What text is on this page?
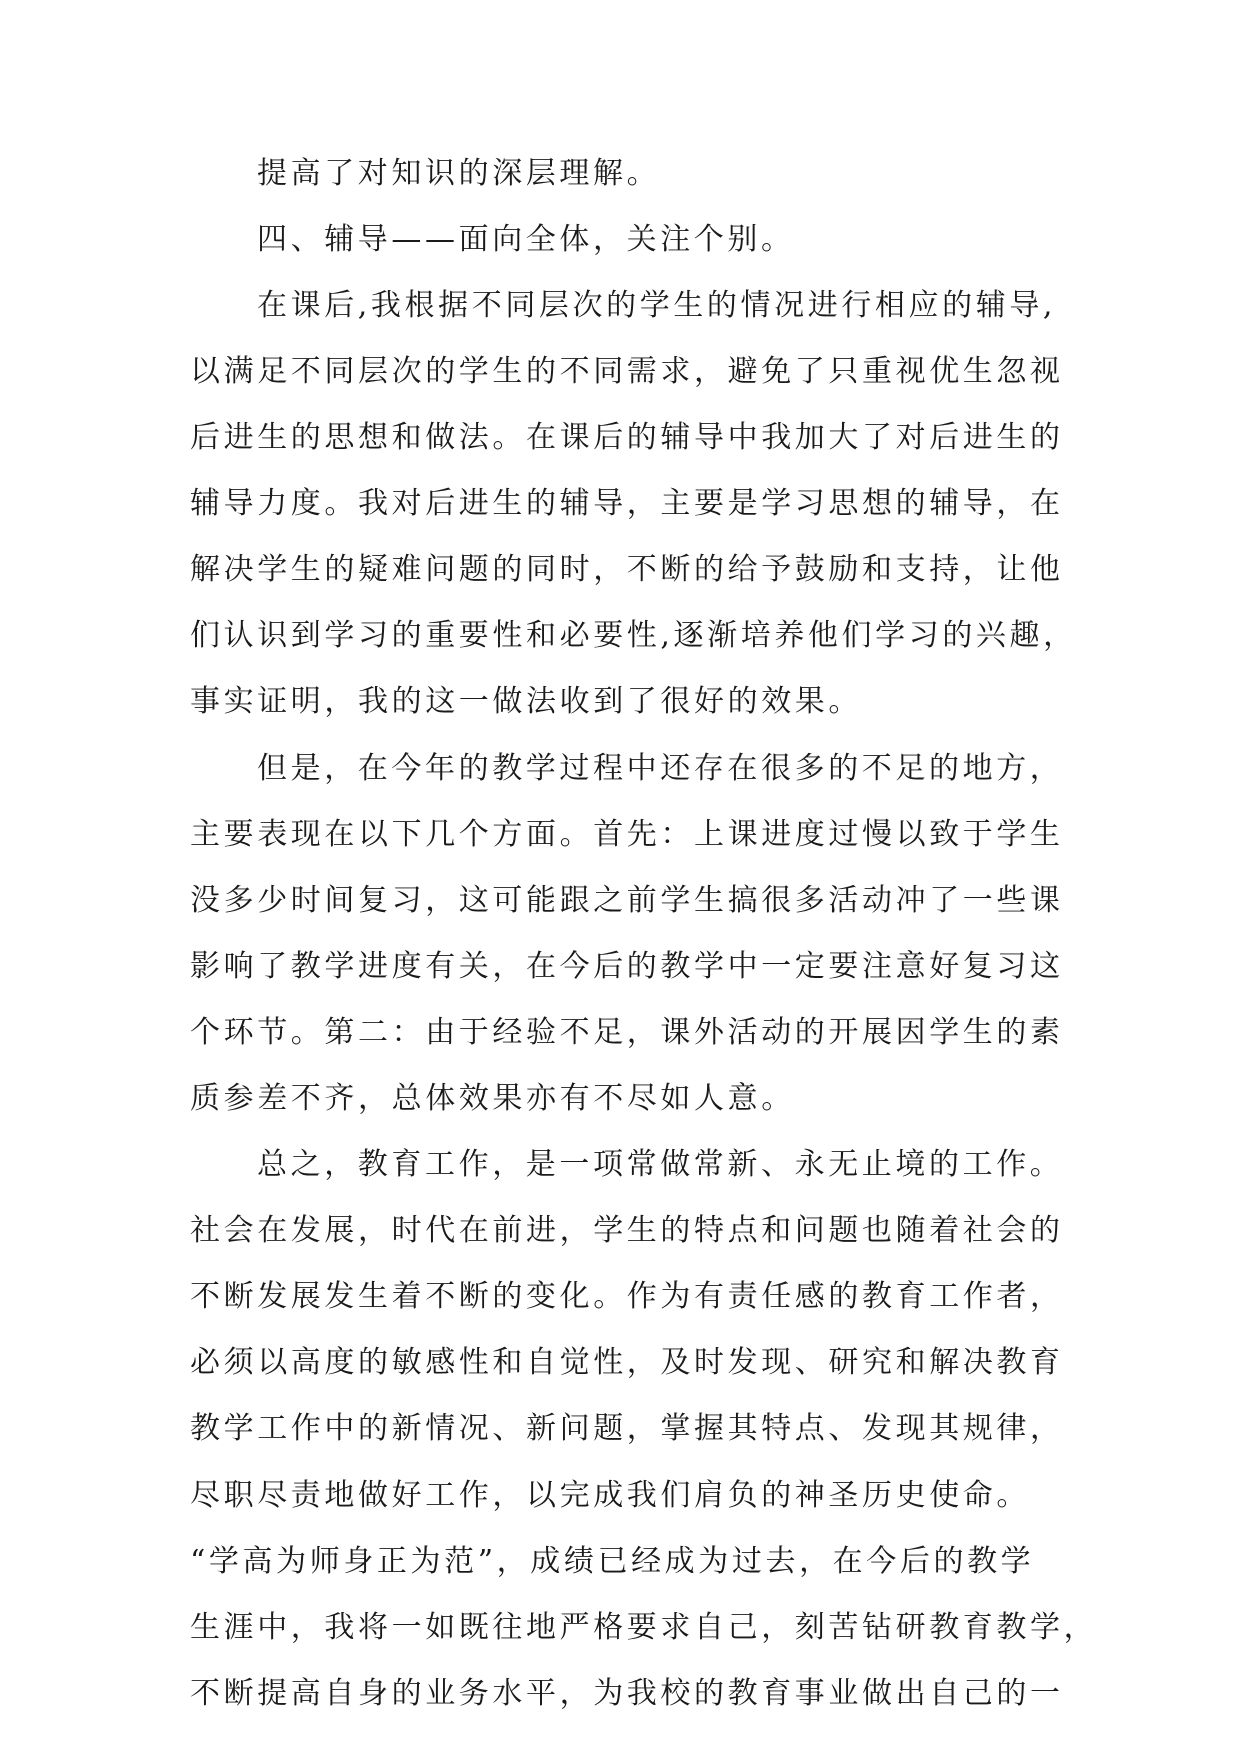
提高了对知识的深层理解。
四、辅导——面向全体，关注个别。
在课后,我根据不同层次的学生的情况进行相应的辅导,
以满足不同层次的学生的不同需求，避免了只重视优生忽视
后进生的思想和做法。在课后的辅导中我加大了对后进生的
辅导力度。我对后进生的辅导，主要是学习思想的辅导，在
解决学生的疑难问题的同时，不断的给予鼓励和支持，让他
们认识到学习的重要性和必要性,逐渐培养他们学习的兴趣，
事实证明，我的这一做法收到了很好的效果。
但是，在今年的教学过程中还存在很多的不足的地方，
主要表现在以下几个方面。首先：上课进度过慢以致于学生
没多少时间复习，这可能跟之前学生搞很多活动冲了一些课
影响了教学进度有关，在今后的教学中一定要注意好复习这
个环节。第二：由于经验不足，课外活动的开展因学生的素
质参差不齐，总体效果亦有不尽如人意。
总之，教育工作，是一项常做常新、永无止境的工作。
社会在发展，时代在前进，学生的特点和问题也随着社会的
不断发展发生着不断的变化。作为有责任感的教育工作者，
必须以高度的敏感性和自觉性，及时发现、研究和解决教育
教学工作中的新情况、新问题，掌握其特点、发现其规律，
尽职尽责地做好工作，以完成我们肩负的神圣历史使命。
“学高为师身正为范”，成绩已经成为过去，在今后的教学
生涯中，我将一如既往地严格要求自己，刻苦钻研教育教学，
不断提高自身的业务水平，为我校的教育事业做出自己的一
